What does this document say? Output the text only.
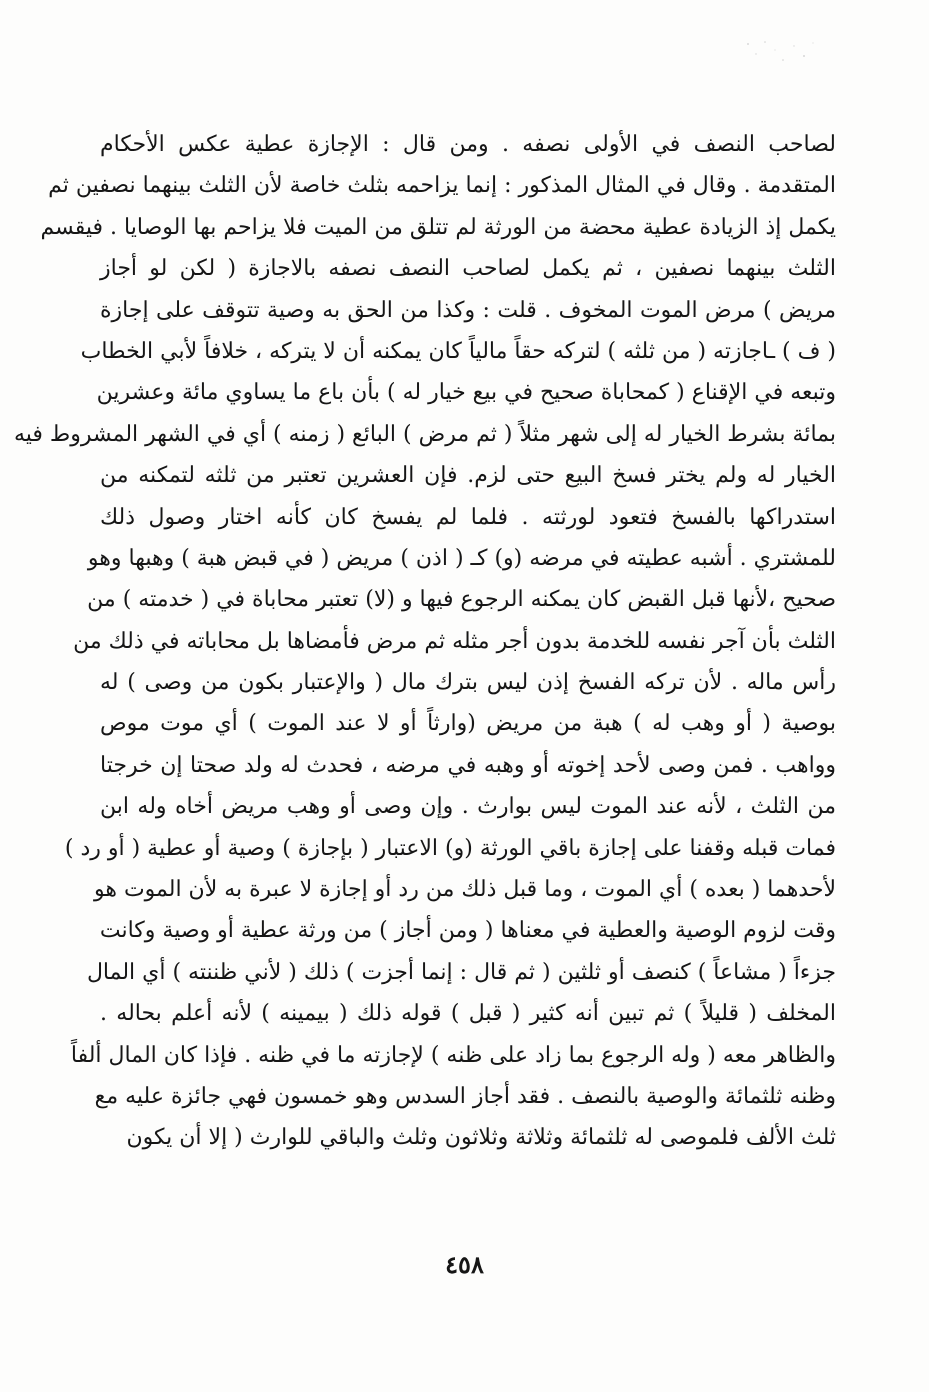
لصاحب النصف في الأولى نصفه . ومن قال : الإجازة عطية عكس الأحكام
المتقدمة . وقال في المثال المذكور : إنما يزاحمه بثلث خاصة لأن الثلث بينهما نصفين ثم
يكمل إذ الزيادة عطية محضة من الورثة لم تتلق من الميت فلا يزاحم بها الوصايا . فيقسم
الثلث بينهما نصفين ، ثم يكمل لصاحب النصف نصفه بالاجازة ( لكن لو أجاز
مريض ) مرض الموت المخوف . قلت : وكذا من الحق به وصية تتوقف على إجازة
( ف ) ـاجازته ( من ثلثه ) لتركه حقاً مالياً كان يمكنه أن لا يتركه ، خلافاً لأبي الخطاب
وتبعه في الإقناع ( كمحاباة صحيح في بيع خيار له ) بأن باع ما يساوي مائة وعشرين
بمائة بشرط الخيار له إلى شهر مثلاً ( ثم مرض ) البائع ( زمنه ) أي في الشهر المشروط فيه
الخيار له ولم يختر فسخ البيع حتى لزم. فإن العشرين تعتبر من ثلثه لتمكنه من
استدراكها بالفسخ فتعود لورثته . فلما لم يفسخ كان كأنه اختار وصول ذلك
للمشتري . أشبه عطيته في مرضه (و) كـ ( اذن ) مريض ( في قبض هبة ) وهبها وهو
صحيح ،لأنها قبل القبض كان يمكنه الرجوع فيها و (لا) تعتبر محاباة في ( خدمته ) من
الثلث بأن آجر نفسه للخدمة بدون أجر مثله ثم مرض فأمضاها بل محاباته في ذلك من
رأس ماله . لأن تركه الفسخ إذن ليس بترك مال ( والإعتبار بكون من وصى ) له
بوصية ( أو وهب له ) هبة من مريض (وارثاً أو لا عند الموت ) أي موت موص
وواهب . فمن وصى لأحد إخوته أو وهبه في مرضه ، فحدث له ولد صحتا إن خرجتا
من الثلث ، لأنه عند الموت ليس بوارث . وإن وصى أو وهب مريض أخاه وله ابن
فمات قبله وقفنا على إجازة باقي الورثة (و) الاعتبار ( بإجازة ) وصية أو عطية ( أو رد )
لأحدهما ( بعده ) أي الموت ، وما قبل ذلك من رد أو إجازة لا عبرة به لأن الموت هو
وقت لزوم الوصية والعطية في معناها ( ومن أجاز ) من ورثة عطية أو وصية وكانت
جزءاً ( مشاعاً ) كنصف أو ثلثين ( ثم قال : إنما أجزت ) ذلك ( لأني ظننته ) أي المال
المخلف ( قليلاً ) ثم تبين أنه كثير ( قبل ) قوله ذلك ( بيمينه ) لأنه أعلم بحاله .
والظاهر معه ( وله الرجوع بما زاد على ظنه ) لإجازته ما في ظنه . فإذا كان المال ألفاً
وظنه ثلثمائة والوصية بالنصف . فقد أجاز السدس وهو خمسون فهي جائزة عليه مع
ثلث الألف فلموصى له ثلثمائة وثلاثة وثلاثون وثلث والباقي للوارث ( إلا أن يكون
٤٥٨
